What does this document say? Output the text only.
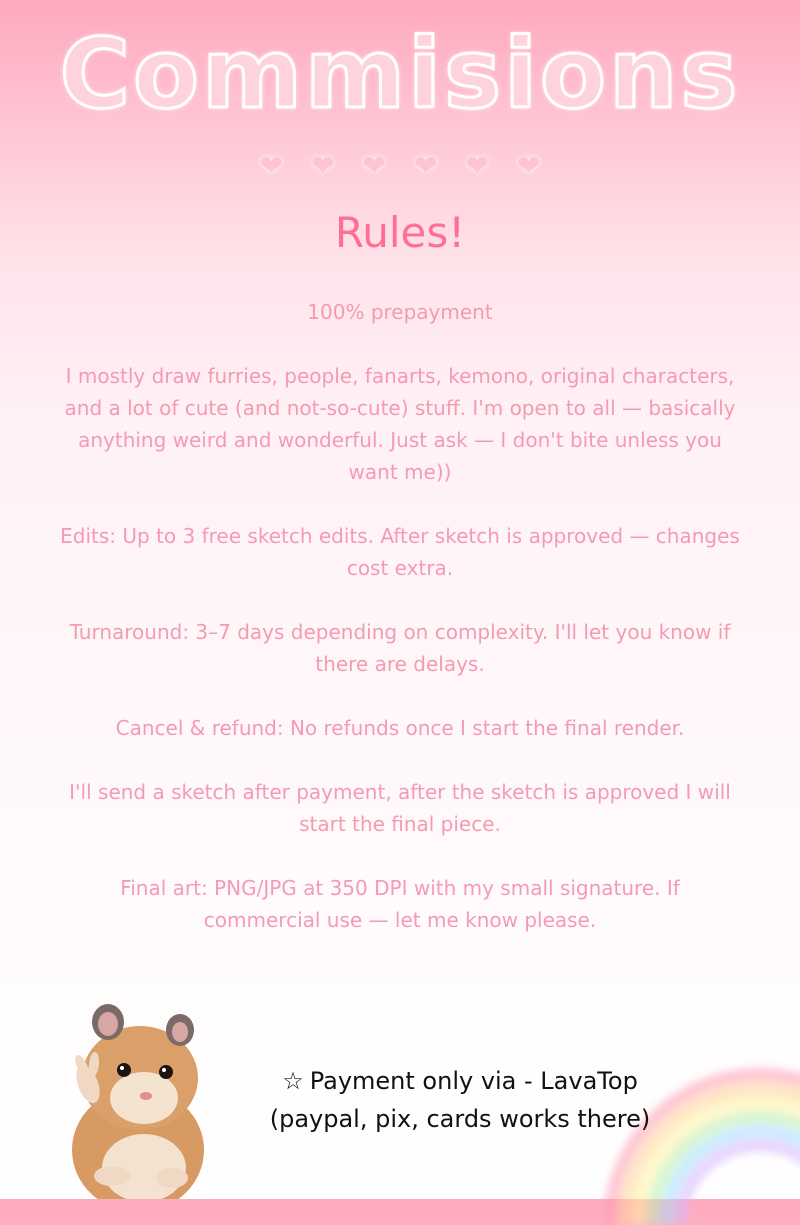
Commisions
❤ ❤ ❤ ❤ ❤ ❤
Rules!

100% prepayment

I mostly draw furries, people, fanarts, kemono, original characters, and a lot of cute (and not-so-cute) stuff. I'm open to all — basically anything weird and wonderful. Just ask — I don't bite unless you want me))

Edits: Up to 3 free sketch edits. After sketch is approved — changes cost extra.

Turnaround: 3–7 days depending on complexity. I'll let you know if there are delays.

Cancel & refund: No refunds once I start the final render.

I'll send a sketch after payment, after the sketch is approved I will start the final piece.

Final art: PNG/JPG at 350 DPI with my small signature. If commercial use — let me know please.

☆ Payment only via - LavaTop
(paypal, pix, cards works there)
